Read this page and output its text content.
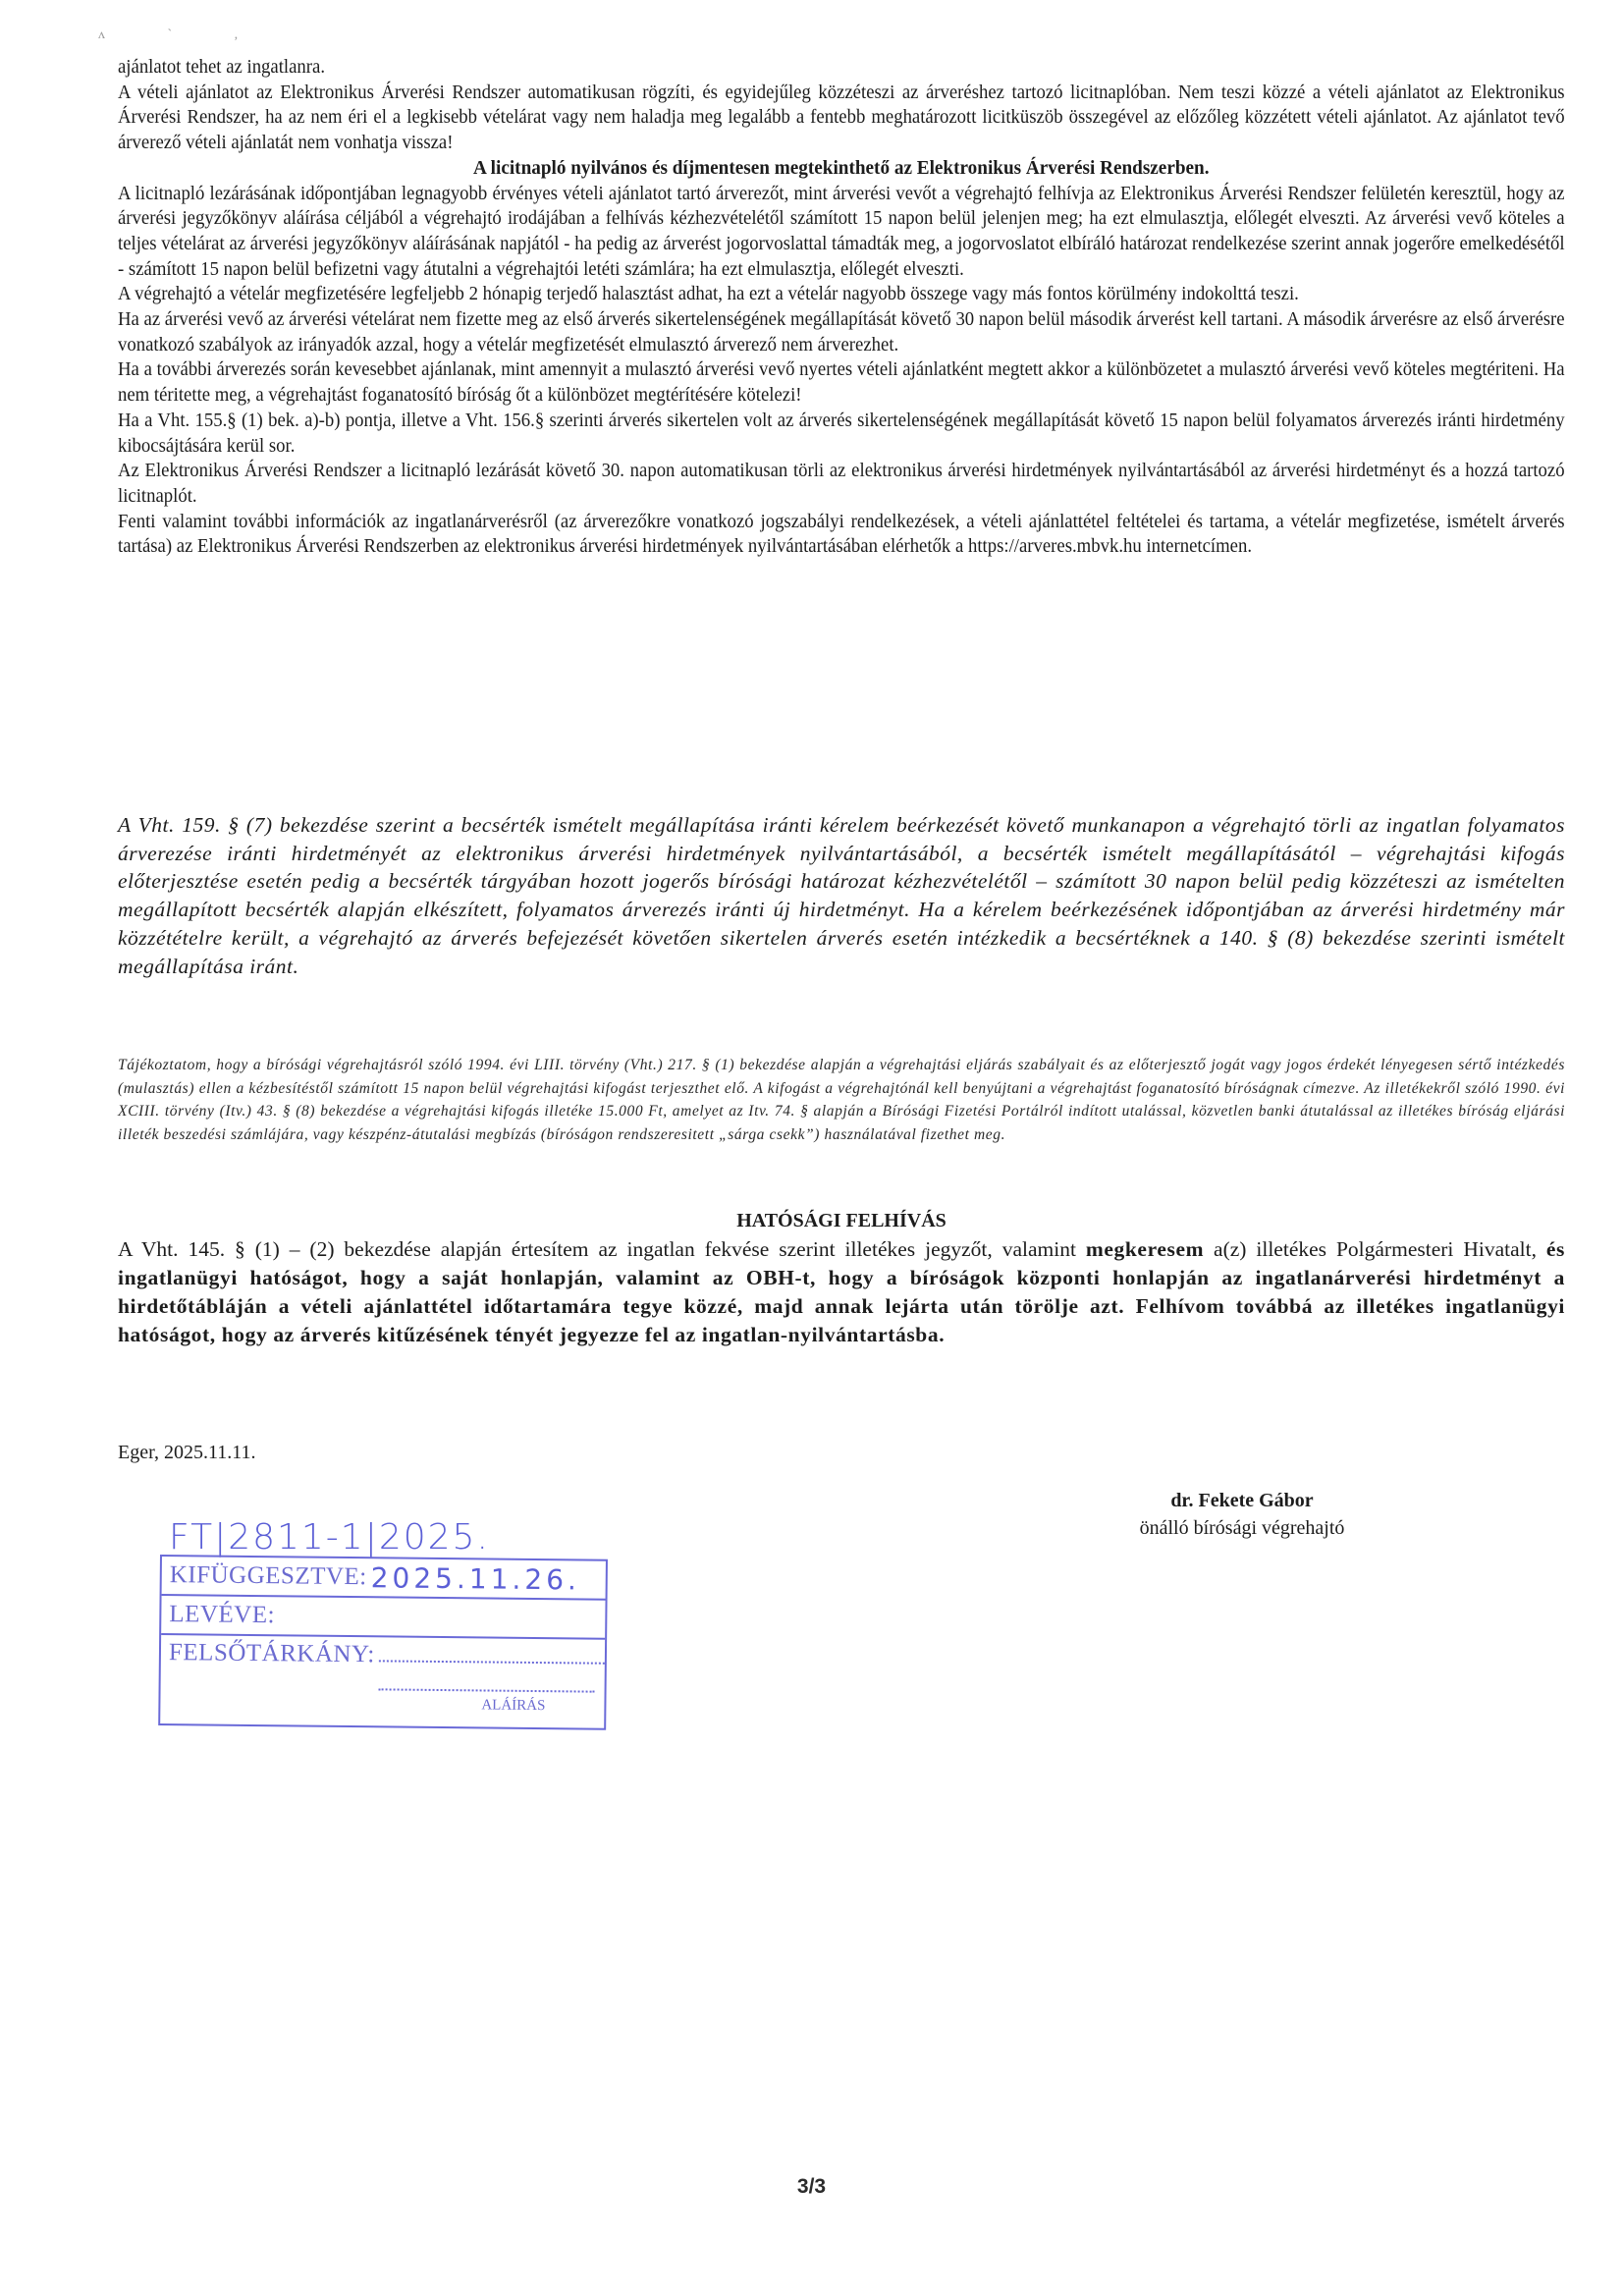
ʌ ` ,

ajánlatot tehet az ingatlanra.

A vételi ajánlatot az Elektronikus Árverési Rendszer automatikusan rögzíti, és egyidejűleg közzéteszi az árveréshez tartozó licitnaplóban. Nem teszi közzé a vételi ajánlatot az Elektronikus Árverési Rendszer, ha az nem éri el a legkisebb vételárat vagy nem haladja meg legalább a fentebb meghatározott licitküszöb összegével az előzőleg közzétett vételi ajánlatot. Az ajánlatot tevő árverező vételi ajánlatát nem vonhatja vissza!

A licitnapló nyilvános és díjmentesen megtekinthető az Elektronikus Árverési Rendszerben.

A licitnapló lezárásának időpontjában legnagyobb érvényes vételi ajánlatot tartó árverezőt, mint árverési vevőt a végrehajtó felhívja az Elektronikus Árverési Rendszer felületén keresztül, hogy az árverési jegyzőkönyv aláírása céljából a végrehajtó irodájában a felhívás kézhezvételétől számított 15 napon belül jelenjen meg; ha ezt elmulasztja, előlegét elveszti. Az árverési vevő köteles a teljes vételárat az árverési jegyzőkönyv aláírásának napjától - ha pedig az árverést jogorvoslattal támadták meg, a jogorvoslatot elbíráló határozat rendelkezése szerint annak jogerőre emelkedésétől - számított 15 napon belül befizetni vagy átutalni a végrehajtói letéti számlára; ha ezt elmulasztja, előlegét elveszti.

A végrehajtó a vételár megfizetésére legfeljebb 2 hónapig terjedő halasztást adhat, ha ezt a vételár nagyobb összege vagy más fontos körülmény indokolttá teszi.

Ha az árverési vevő az árverési vételárat nem fizette meg az első árverés sikertelenségének megállapítását követő 30 napon belül második árverést kell tartani. A második árverésre az első árverésre vonatkozó szabályok az irányadók azzal, hogy a vételár megfizetését elmulasztó árverező nem árverezhet.

Ha a további árverezés során kevesebbet ajánlanak, mint amennyit a mulasztó árverési vevő nyertes vételi ajánlatként megtett akkor a különbözetet a mulasztó árverési vevő köteles megtériteni. Ha nem téritette meg, a végrehajtást foganatosító bíróság őt a különbözet megtérítésére kötelezi!

Ha a Vht. 155.§ (1) bek. a)-b) pontja, illetve a Vht. 156.§ szerinti árverés sikertelen volt az árverés sikertelenségének megállapítását követő 15 napon belül folyamatos árverezés iránti hirdetmény kibocsájtására kerül sor.

Az Elektronikus Árverési Rendszer a licitnapló lezárását követő 30. napon automatikusan törli az elektronikus árverési hirdetmények nyilvántartásából az árverési hirdetményt és a hozzá tartozó licitnaplót.

Fenti valamint további információk az ingatlanárverésről (az árverezőkre vonatkozó jogszabályi rendelkezések, a vételi ajánlattétel feltételei és tartama, a vételár megfizetése, ismételt árverés tartása) az Elektronikus Árverési Rendszerben az elektronikus árverési hirdetmények nyilvántartásában elérhetők a https://arveres.mbvk.hu internetcímen.

A Vht. 159. § (7) bekezdése szerint a becsérték ismételt megállapítása iránti kérelem beérkezését követő munkanapon a végrehajtó törli az ingatlan folyamatos árverezése iránti hirdetményét az elektronikus árverési hirdetmények nyilvántartásából, a becsérték ismételt megállapításától – végrehajtási kifogás előterjesztése esetén pedig a becsérték tárgyában hozott jogerős bírósági határozat kézhezvételétől – számított 30 napon belül pedig közzéteszi az ismételten megállapított becsérték alapján elkészített, folyamatos árverezés iránti új hirdetményt. Ha a kérelem beérkezésének időpontjában az árverési hirdetmény már közzétételre került, a végrehajtó az árverés befejezését követően sikertelen árverés esetén intézkedik a becsértéknek a 140. § (8) bekezdése szerinti ismételt megállapítása iránt.

Tájékoztatom, hogy a bírósági végrehajtásról szóló 1994. évi LIII. törvény (Vht.) 217. § (1) bekezdése alapján a végrehajtási eljárás szabályait és az előterjesztő jogát vagy jogos érdekét lényegesen sértő intézkedés (mulasztás) ellen a kézbesítéstől számított 15 napon belül végrehajtási kifogást terjeszthet elő. A kifogást a végrehajtónál kell benyújtani a végrehajtást foganatosító bíróságnak címezve. Az illetékekről szóló 1990. évi XCIII. törvény (Itv.) 43. § (8) bekezdése a végrehajtási kifogás illetéke 15.000 Ft, amelyet az Itv. 74. § alapján a Bírósági Fizetési Portálról indított utalással, közvetlen banki átutalással az illetékes bíróság eljárási illeték beszedési számlájára, vagy készpénz-átutalási megbízás (bíróságon rendszeresitett „sárga csekk”) használatával fizethet meg.

HATÓSÁGI FELHÍVÁS

A Vht. 145. § (1) – (2) bekezdése alapján értesítem az ingatlan fekvése szerint illetékes jegyzőt, valamint megkeresem a(z) illetékes Polgármesteri Hivatalt, és ingatlanügyi hatóságot, hogy a saját honlapján, valamint az OBH-t, hogy a bíróságok központi honlapján az ingatlanárverési hirdetményt a hirdetőtábláján a vételi ajánlattétel időtartamára tegye közzé, majd annak lejárta után törölje azt. Felhívom továbbá az illetékes ingatlanügyi hatóságot, hogy az árverés kitűzésének tényét jegyezze fel az ingatlan-nyilvántartásba.

Eger, 2025.11.11.
dr. Fekete Gábor
önálló bírósági végrehajtó
FT|2811-1|2025.
KIFÜGGESZTVE: 2025.11.26.
LEVÉVE:
FELSŐTÁRKÁNY:
ALÁÍRÁS
3/3
